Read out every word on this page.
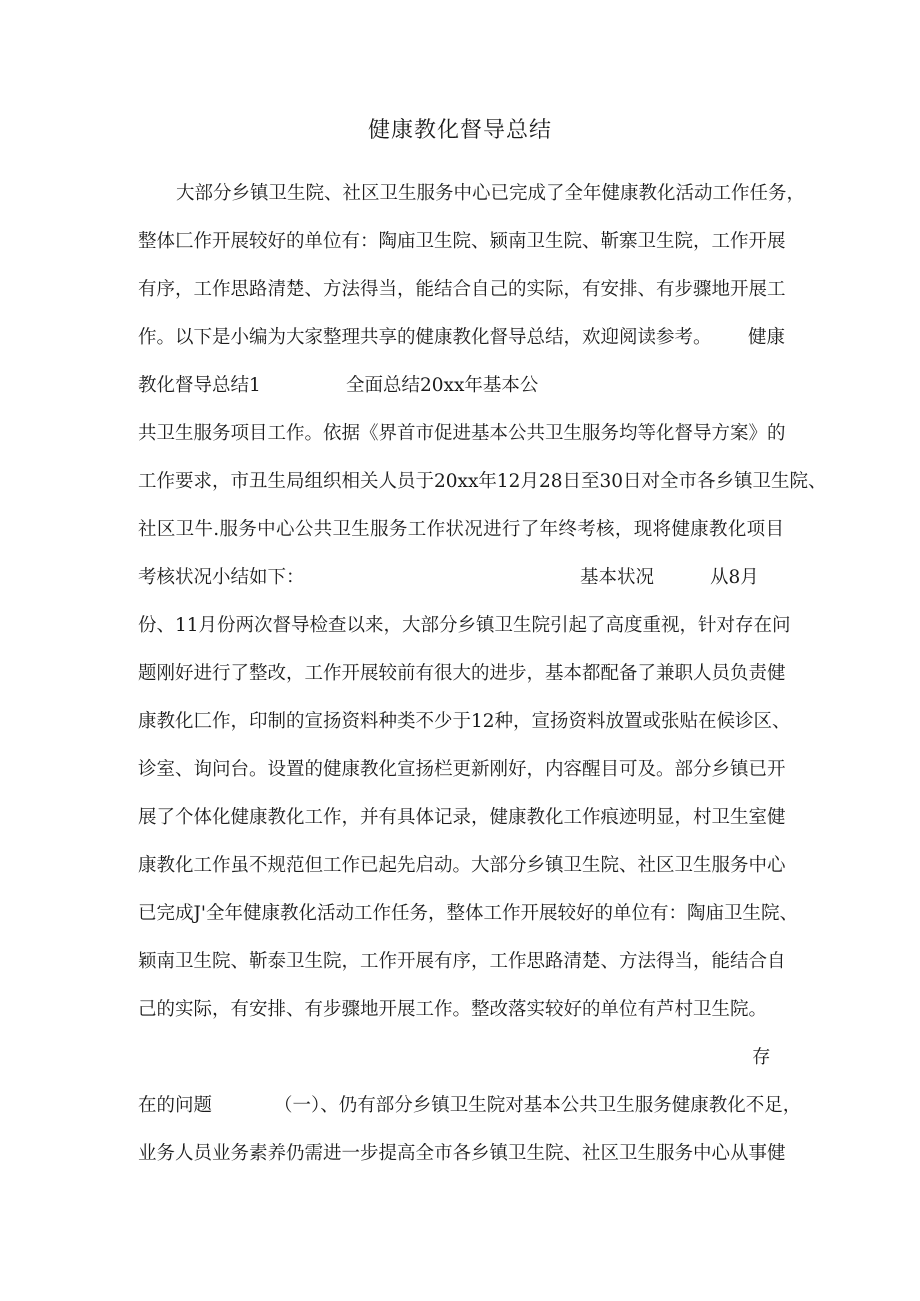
健康教化督导总结

大部分乡镇卫生院、社区卫生服务中心已完成了全年健康教化活动工作任务，

整体匚作开展较好的单位有：陶庙卫生院、颍南卫生院、靳寨卫生院，工作开展

有序，工作思路清楚、方法得当，能结合自己的实际，有安排、有步骤地开展工

作。以下是小编为大家整理共享的健康教化督导总结，欢迎阅读参考。 健康

教化督导总结1	全面总结20xx年基本公

共卫生服务项目工作。依据《界首市促进基本公共卫生服务均等化督导方案》的

工作要求，市丑生局组织相关人员于20xx年12月28日至30日对全市各乡镇卫生院、

社区卫牛.服务中心公共卫生服务工作状况进行了年终考核，现将健康教化项目

考核状况小结如下：	基本状况	从8月

份、11月份两次督导检查以来，大部分乡镇卫生院引起了高度重视，针对存在问

题刚好进行了整改，工作开展较前有很大的进步，基本都配备了兼职人员负责健

康教化匚作，印制的宣扬资料种类不少于12种，宣扬资料放置或张贴在候诊区、

诊室、询问台。设置的健康教化宣扬栏更新刚好，内容醒目可及。部分乡镇已开

展了个体化健康教化工作，并有具体记录，健康教化工作痕迹明显，村卫生室健

康教化工作虽不规范但工作已起先启动。大部分乡镇卫生院、社区卫生服务中心

已完成J'全年健康教化活动工作任务，整体工作开展较好的单位有：陶庙卫生院、

颖南卫生院、靳泰卫生院，工作开展有序，工作思路清楚、方法得当，能结合自

己的实际，有安排、有步骤地开展工作。整改落实较好的单位有芦村卫生院。

存

在的问题	（一）、仍有部分乡镇卫生院对基本公共卫生服务健康教化不足，

业务人员业务素养仍需进一步提高全市各乡镇卫生院、社区卫生服务中心从事健
